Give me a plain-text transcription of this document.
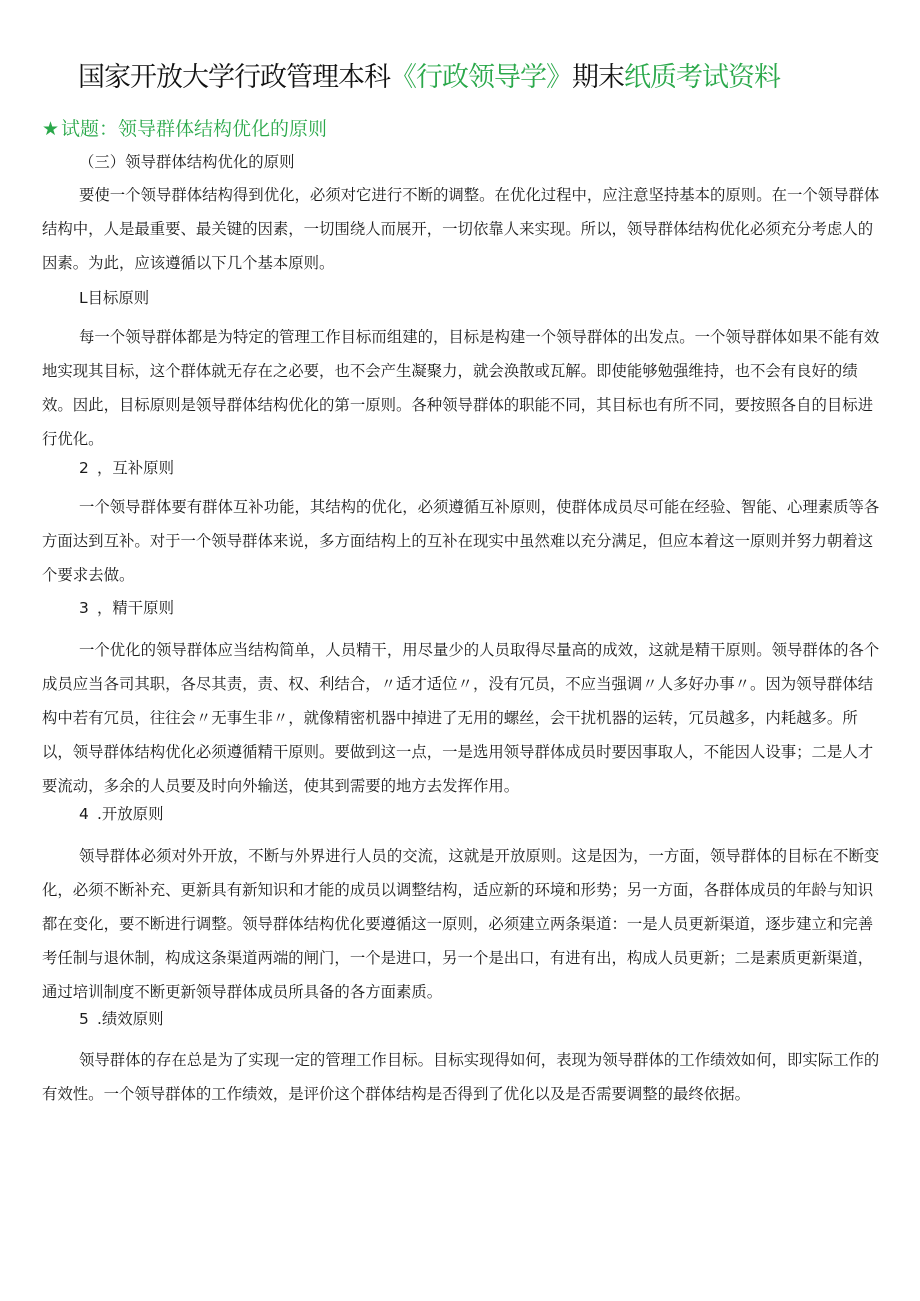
国家开放大学行政管理本科《行政领导学》期末纸质考试资料
★ 试题：领导群体结构优化的原则
（三）领导群体结构优化的原则

要使一个领导群体结构得到优化，必须对它进行不断的调整。在优化过程中，应注意坚持基本的原则。在一个领导群体结构中，人是最重要、最关键的因素，一切围绕人而展开，一切依靠人来实现。所以，领导群体结构优化必须充分考虑人的因素。为此，应该遵循以下几个基本原则。

L目标原则

每一个领导群体都是为特定的管理工作目标而组建的，目标是构建一个领导群体的出发点。一个领导群体如果不能有效地实现其目标，这个群体就无存在之必要，也不会产生凝聚力，就会涣散或瓦解。即使能够勉强维持，也不会有良好的绩效。因此，目标原则是领导群体结构优化的第一原则。各种领导群体的职能不同，其目标也有所不同，要按照各自的目标进行优化。

2 ，互补原则

一个领导群体要有群体互补功能，其结构的优化，必须遵循互补原则，使群体成员尽可能在经验、智能、心理素质等各方面达到互补。对于一个领导群体来说，多方面结构上的互补在现实中虽然难以充分满足，但应本着这一原则并努力朝着这个要求去做。

3 ，精干原则

一个优化的领导群体应当结构简单，人员精干，用尽量少的人员取得尽量高的成效，这就是精干原则。领导群体的各个成员应当各司其职，各尽其责，责、权、利结合，〃适才适位〃，没有冗员，不应当强调〃人多好办事〃。因为领导群体结构中若有冗员，往往会〃无事生非〃，就像精密机器中掉进了无用的螺丝，会干扰机器的运转，冗员越多，内耗越多。所以，领导群体结构优化必须遵循精干原则。要做到这一点，一是选用领导群体成员时要因事取人，不能因人设事；二是人才要流动，多余的人员要及时向外输送，使其到需要的地方去发挥作用。

4 .开放原则

领导群体必须对外开放，不断与外界进行人员的交流，这就是开放原则。这是因为，一方面，领导群体的目标在不断变化，必须不断补充、更新具有新知识和才能的成员以调整结构，适应新的环境和形势；另一方面，各群体成员的年龄与知识都在变化，要不断进行调整。领导群体结构优化要遵循这一原则，必须建立两条渠道：一是人员更新渠道，逐步建立和完善考任制与退休制，构成这条渠道两端的闸门，一个是进口，另一个是出口，有进有出，构成人员更新；二是素质更新渠道，通过培训制度不断更新领导群体成员所具备的各方面素质。

5 .绩效原则

领导群体的存在总是为了实现一定的管理工作目标。目标实现得如何，表现为领导群体的工作绩效如何，即实际工作的有效性。一个领导群体的工作绩效，是评价这个群体结构是否得到了优化以及是否需要调整的最终依据。
